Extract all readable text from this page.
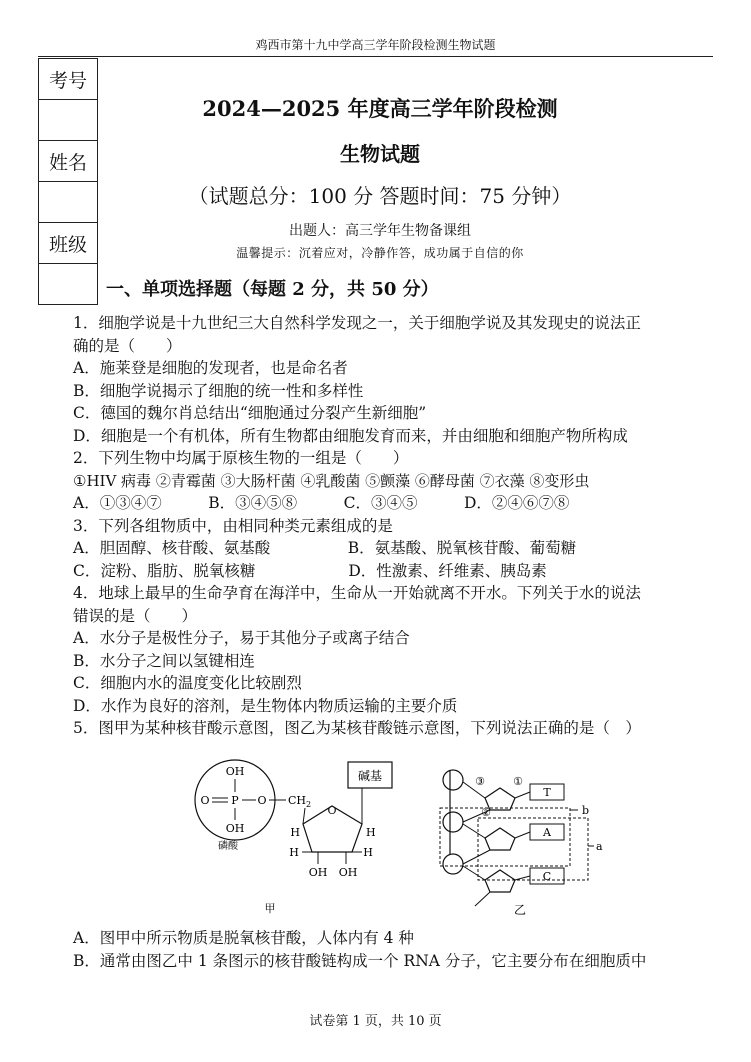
鸡西市第十九中学高三学年阶段检测生物试题
考号
姓名
班级
2024—2025 年度高三学年阶段检测
生物试题
（试题总分：100 分 答题时间：75 分钟）
出题人：高三学年生物备课组
温馨提示：沉着应对，冷静作答，成功属于自信的你
一、单项选择题（每题 2 分，共 50 分）
1．细胞学说是十九世纪三大自然科学发现之一，关于细胞学说及其发现史的说法正
确的是（　　）
A．施莱登是细胞的发现者，也是命名者
B．细胞学说揭示了细胞的统一性和多样性
C．德国的魏尔肖总结出“细胞通过分裂产生新细胞”
D．细胞是一个有机体，所有生物都由细胞发育而来，并由细胞和细胞产物所构成
2．下列生物中均属于原核生物的一组是（　　）
①HIV 病毒 ②青霉菌 ③大肠杆菌 ④乳酸菌 ⑤颤藻 ⑥酵母菌 ⑦衣藻 ⑧变形虫
A．①③④⑦　　　B．③④⑤⑧　　　C．③④⑤　　　D．②④⑥⑦⑧
3．下列各组物质中，由相同种类元素组成的是
A．胆固醇、核苷酸、氨基酸　　　　　B．氨基酸、脱氧核苷酸、葡萄糖
C．淀粉、脂肪、脱氧核糖　　　　　　D．性激素、纤维素、胰岛素
4．地球上最早的生命孕育在海洋中，生命从一开始就离不开水。下列关于水的说法
错误的是（　　）
A．水分子是极性分子，易于其他分子或离子结合
B．水分子之间以氢键相连
C．细胞内水的温度变化比较剧烈
D．水作为良好的溶剂，是生物体内物质运输的主要介质
5．图甲为某种核苷酸示意图，图乙为某核苷酸链示意图，下列说法正确的是（　）
OH
O P O
OH
$CH_2$
磷酸
O
H	H
H	H
OH OH
碱基
甲
③	①
②
T
A
C
b
a
乙
A．图甲中所示物质是脱氧核苷酸，人体内有 4 种
B．通常由图乙中 1 条图示的核苷酸链构成一个 RNA 分子，它主要分布在细胞质中
试卷第 1 页，共 10 页
